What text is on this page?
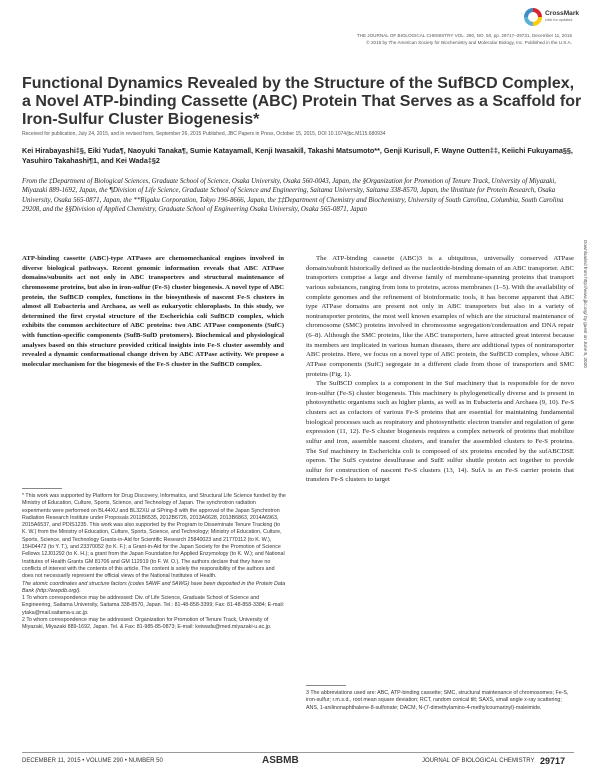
CrossMark
click for updates
THE JOURNAL OF BIOLOGICAL CHEMISTRY VOL. 290, NO. 50, pp. 29717–29731, December 11, 2015
© 2015 by The American Society for Biochemistry and Molecular Biology, Inc. Published in the U.S.A.
Functional Dynamics Revealed by the Structure of the SufBCD Complex, a Novel ATP-binding Cassette (ABC) Protein That Serves as a Scaffold for Iron-Sulfur Cluster Biogenesis*
Received for publication, July 24, 2015, and in revised form, September 26, 2015 Published, JBC Papers in Press, October 15, 2015, DOI 10.1074/jbc.M115.680934
Kei Hirabayashi‡§, Eiki Yuda¶, Naoyuki Tanaka¶, Sumie Katayama‖, Kenji Iwasaki‖, Takashi Matsumoto**, Genji Kurisu‖, F. Wayne Outten‡‡, Keiichi Fukuyama§§, Yasuhiro Takahashi¶1, and Kei Wada‡§2
From the ‡Department of Biological Sciences, Graduate School of Science, Osaka University, Osaka 560-0043, Japan, the §Organization for Promotion of Tenure Track, University of Miyazaki, Miyazaki 889-1692, Japan, the ¶Division of Life Science, Graduate School of Science and Engineering, Saitama University, Saitama 338-8570, Japan, the ‖Institute for Protein Research, Osaka University, Osaka 565-0871, Japan, the **Rigaku Corporation, Tokyo 196-8666, Japan, the ‡‡Department of Chemistry and Biochemistry, University of South Carolina, Columbia, South Carolina 29208, and the §§Division of Applied Chemistry, Graduate School of Engineering Osaka University, Osaka 565-0871, Japan

ATP-binding cassette (ABC)-type ATPases are chemomechanical engines involved in diverse biological pathways. Recent genomic information reveals that ABC ATPase domains/subunits act not only in ABC transporters and structural maintenance of chromosome proteins, but also in iron-sulfur (Fe-S) cluster biogenesis. A novel type of ABC protein, the SufBCD complex, functions in the biosynthesis of nascent Fe-S clusters in almost all Eubacteria and Archaea, as well as eukaryotic chloroplasts. In this study, we determined the first crystal structure of the Escherichia coli SufBCD complex, which exhibits the common architecture of ABC proteins: two ABC ATPase components (SufC) with function-specific components (SufB-SufD protomers). Biochemical and physiological analyses based on this structure provided critical insights into Fe-S cluster assembly and revealed a dynamic conformational change driven by ABC ATPase activity. We propose a molecular mechanism for the biogenesis of the Fe-S cluster in the SufBCD complex.

The ATP-binding cassette (ABC)3 is a ubiquitous, universally conserved ATPase domain/subunit historically defined as the nucleotide-binding domain of an ABC transporter. ABC transporters comprise a large and diverse family of membrane-spanning proteins that transport various substances, ranging from ions to proteins, across membranes (1–5). With the availability of complete genomes and the refinement of bioinformatic tools, it has become apparent that ABC type ATPase domains are present not only in ABC transporters but also in a variety of nontransporter proteins, the most well known examples of which are the structural maintenance of chromosome (SMC) proteins involved in chromosome segregation/condensation and DNA repair (6–8). Although the SMC proteins, like the ABC transporters, have attracted great interest because its members are implicated in various human diseases, there are additional types of nontransporter ABC proteins. Here, we focus on a novel type of ABC protein, the SufBCD complex, whose ABC ATPase components (SufC) segregate in a different clade from those of transporters and SMC proteins (Fig. 1).

The SufBCD complex is a component in the Suf machinery that is responsible for de novo iron-sulfur (Fe-S) cluster biogenesis. This machinery is phylogenetically diverse and is present in photosynthetic organisms such as higher plants, as well as in Eubacteria and Archaea (9, 10). Fe-S clusters act as cofactors of various Fe-S proteins that are essential for maintaining fundamental biological processes such as respiratory and photosynthetic electron transfer and regulation of gene expression (11, 12). Fe-S cluster biogenesis requires a complex network of proteins that mobilize sulfur and iron, assemble nascent clusters, and transfer the assembled clusters to Fe-S proteins. The Suf machinery in Escherichia coli is composed of six proteins encoded by the sufABCDSE operon. The SufS cysteine desulfurase and SufE sulfur shuttle protein act together to provide sulfur for construction of nascent Fe-S clusters (13, 14). SufA is an Fe-S carrier protein that transfers Fe-S clusters to target

Downloaded from http://www.jbc.org/ by guest on June 8, 2020

* This work was supported by Platform for Drug Discovery, Informatics, and Structural Life Science funded by the Ministry of Education, Culture, Sports, Science, and Technology of Japan. The synchrotron radiation experiments were performed on BL44XU and BL32XU at SPring-8 with the approval of the Japan Synchrotron Radiation Research Institute under Proposals 2011B6535, 2012B6726, 2013A6628, 2013B6863, 2014A6963, 2015A6537, and PDIS1235. This work was also supported by the Program to Disseminate Tenure Tracking (to K. W.) from the Ministry of Education, Culture, Sports, Science, and Technology; Ministry of Education, Culture, Sports, Science, and Technology Grants-in-Aid for Scientific Research 25840023 and 21770112 (to K. W.), 15H04472 (to Y. T.), and 23370052 (to K. F.); a Grant-in-Aid for the Japan Society for the Promotion of Science Fellows 12J01292 (to K. H.); a grant from the Japan Foundation for Applied Enzymology (to K. W.); and National Institutes of Health Grants GM 81706 and GM 112919 (to F. W. O.). The authors declare that they have no conflicts of interest with the contents of this article. The content is solely the responsibility of the authors and does not necessarily represent the official views of the National Institutes of Health.

The atomic coordinates and structure factors (codes 5AWF and 5AWG) have been deposited in the Protein Data Bank (http://wwpdb.org/).

1 To whom correspondence may be addressed: Div. of Life Science, Graduate School of Science and Engineering, Saitama University, Saitama 338-8570, Japan. Tel.: 81-48-858-3399; Fax: 81-48-858-3384; E-mail: ytaka@mail.saitama-u.ac.jp.

2 To whom correspondence may be addressed: Organization for Promotion of Tenure Track, University of Miyazaki, Miyazaki 889-1692, Japan. Tel. & Fax: 81-985-85-0873; E-mail: keiwada@med.miyazaki-u.ac.jp.

3 The abbreviations used are: ABC, ATP-binding cassette; SMC, structural maintenance of chromosomes; Fe-S, iron-sulfur; r.m.s.d., root mean square deviation; RCT, random conical tilt; SAXS, small angle x-ray scattering; ANS, 1-anilinonaphthalene-8-sulfonate; DACM, N-(7-dimethylamino-4-methylcoumarinyl)-maleimide.

DECEMBER 11, 2015 • VOLUME 290 • NUMBER 50	ASBMB	JOURNAL OF BIOLOGICAL CHEMISTRY 29717
